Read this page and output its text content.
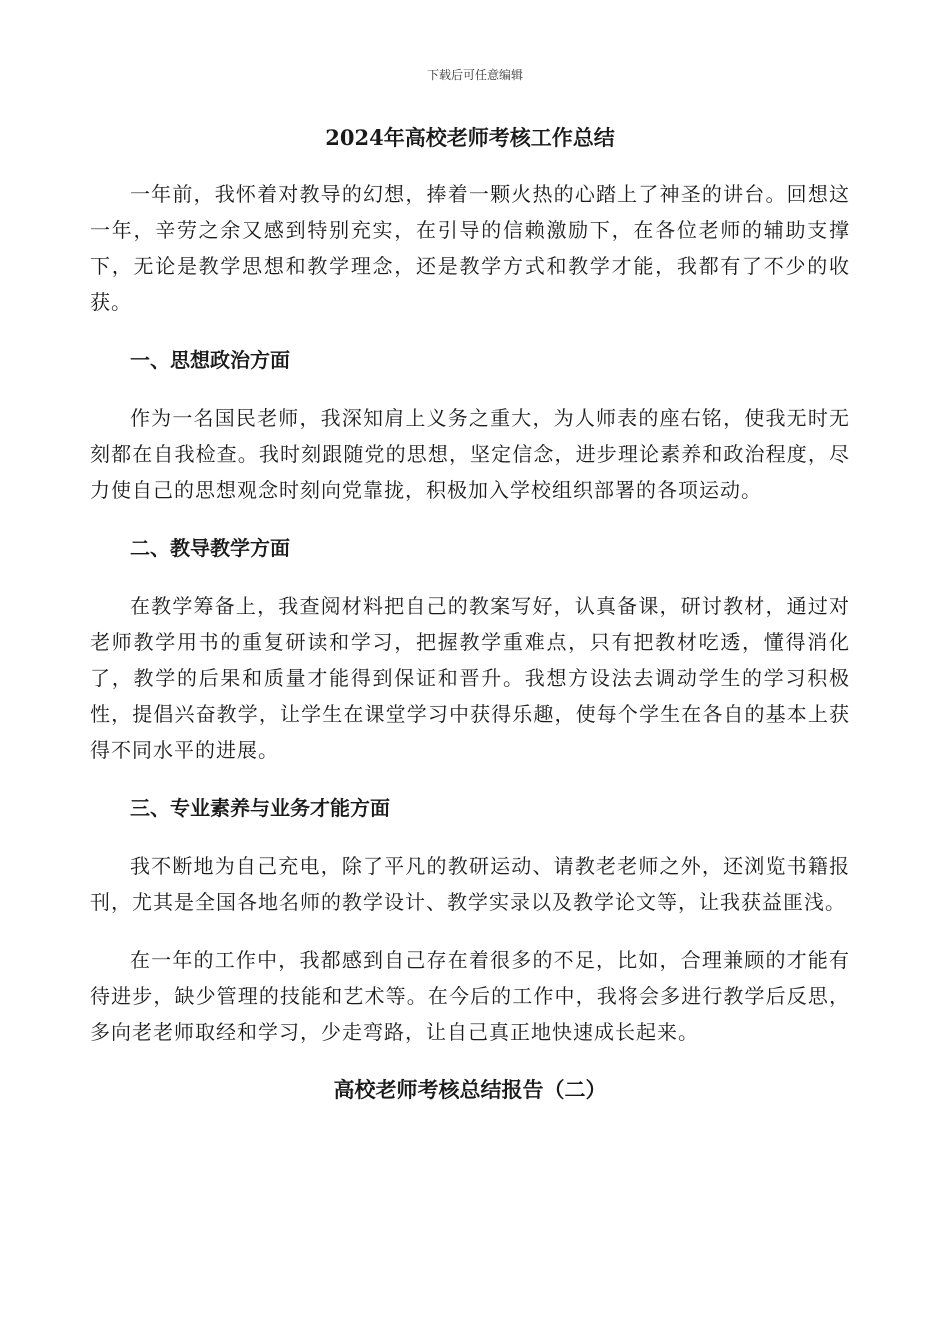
下载后可任意编辑
2024年高校老师考核工作总结

一年前，我怀着对教导的幻想，捧着一颗火热的心踏上了神圣的讲台。回想这一年，辛劳之余又感到特别充实，在引导的信赖激励下，在各位老师的辅助支撑下，无论是教学思想和教学理念，还是教学方式和教学才能，我都有了不少的收获。

一、思想政治方面

作为一名国民老师，我深知肩上义务之重大，为人师表的座右铭，使我无时无刻都在自我检查。我时刻跟随党的思想，坚定信念，进步理论素养和政治程度，尽力使自己的思想观念时刻向党靠拢，积极加入学校组织部署的各项运动。

二、教导教学方面

在教学筹备上，我查阅材料把自己的教案写好，认真备课，研讨教材，通过对老师教学用书的重复研读和学习，把握教学重难点，只有把教材吃透，懂得消化了，教学的后果和质量才能得到保证和晋升。我想方设法去调动学生的学习积极性，提倡兴奋教学，让学生在课堂学习中获得乐趣，使每个学生在各自的基本上获得不同水平的进展。

三、专业素养与业务才能方面

我不断地为自己充电，除了平凡的教研运动、请教老老师之外，还浏览书籍报刊，尤其是全国各地名师的教学设计、教学实录以及教学论文等，让我获益匪浅。

在一年的工作中，我都感到自己存在着很多的不足，比如，合理兼顾的才能有待进步，缺少管理的技能和艺术等。在今后的工作中，我将会多进行教学后反思，多向老老师取经和学习，少走弯路，让自己真正地快速成长起来。

高校老师考核总结报告（二）
